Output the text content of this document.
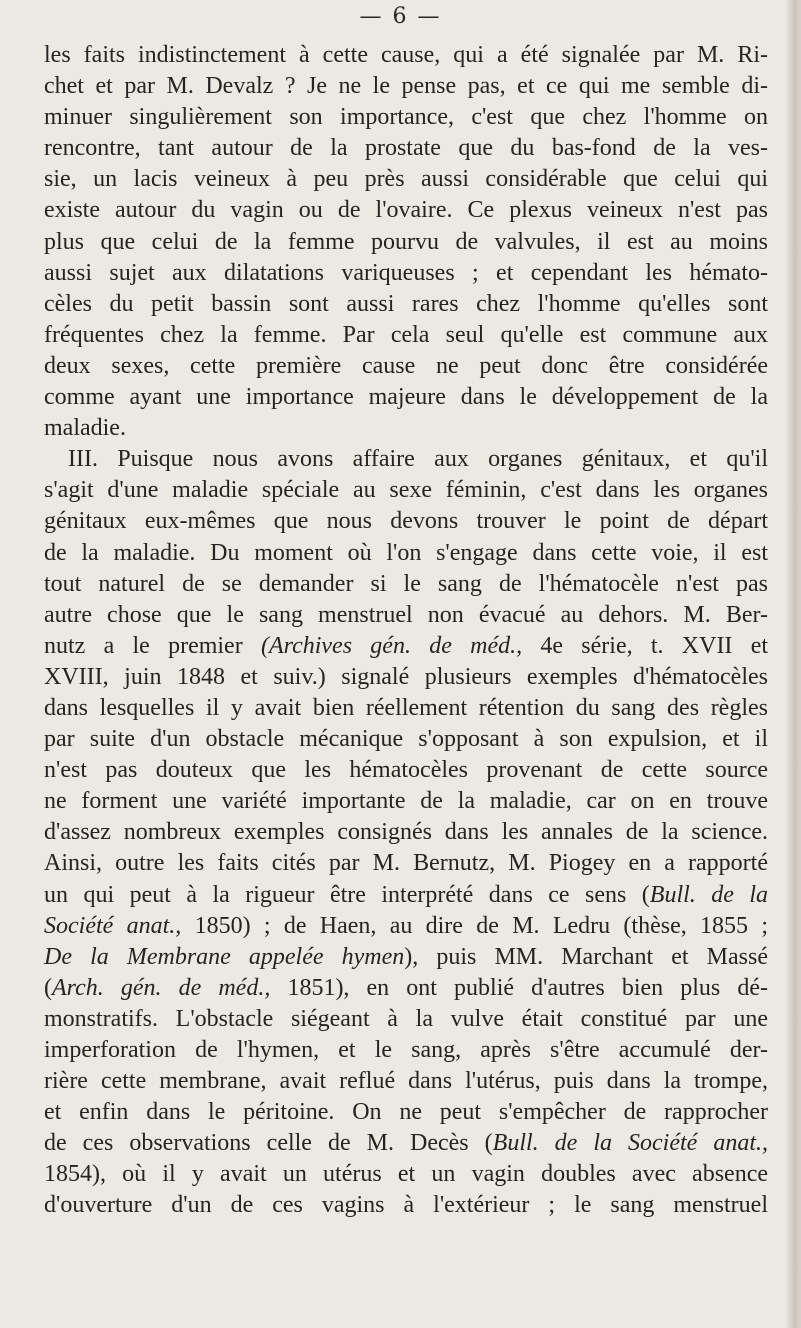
— 6 —
les faits indistinctement à cette cause, qui a été signalée par M. Ri-
chet et par M. Devalz ? Je ne le pense pas, et ce qui me semble di-
minuer singulièrement son importance, c'est que chez l'homme on
rencontre, tant autour de la prostate que du bas-fond de la ves-
sie, un lacis veineux à peu près aussi considérable que celui qui
existe autour du vagin ou de l'ovaire. Ce plexus veineux n'est pas
plus que celui de la femme pourvu de valvules, il est au moins
aussi sujet aux dilatations variqueuses ; et cependant les hémato-
cèles du petit bassin sont aussi rares chez l'homme qu'elles sont
fréquentes chez la femme. Par cela seul qu'elle est commune aux
deux sexes, cette première cause ne peut donc être considérée
comme ayant une importance majeure dans le développement de la
maladie.
III. Puisque nous avons affaire aux organes génitaux, et qu'il
s'agit d'une maladie spéciale au sexe féminin, c'est dans les organes
génitaux eux-mêmes que nous devons trouver le point de départ
de la maladie. Du moment où l'on s'engage dans cette voie, il est
tout naturel de se demander si le sang de l'hématocèle n'est pas
autre chose que le sang menstruel non évacué au dehors. M. Ber-
nutz a le premier (Archives gén. de méd., 4e série, t. XVII et
XVIII, juin 1848 et suiv.) signalé plusieurs exemples d'hématocèles
dans lesquelles il y avait bien réellement rétention du sang des règles
par suite d'un obstacle mécanique s'opposant à son expulsion, et il
n'est pas douteux que les hématocèles provenant de cette source
ne forment une variété importante de la maladie, car on en trouve
d'assez nombreux exemples consignés dans les annales de la science.
Ainsi, outre les faits cités par M. Bernutz, M. Piogey en a rapporté
un qui peut à la rigueur être interprété dans ce sens (Bull. de la
Société anat., 1850) ; de Haen, au dire de M. Ledru (thèse, 1855 ;
De la Membrane appelée hymen), puis MM. Marchant et Massé
(Arch. gén. de méd., 1851), en ont publié d'autres bien plus dé-
monstratifs. L'obstacle siégeant à la vulve était constitué par une
imperforation de l'hymen, et le sang, après s'être accumulé der-
rière cette membrane, avait reflué dans l'utérus, puis dans la trompe,
et enfin dans le péritoine. On ne peut s'empêcher de rapprocher
de ces observations celle de M. Decès (Bull. de la Société anat.,
1854), où il y avait un utérus et un vagin doubles avec absence
d'ouverture d'un de ces vagins à l'extérieur ; le sang menstruel
